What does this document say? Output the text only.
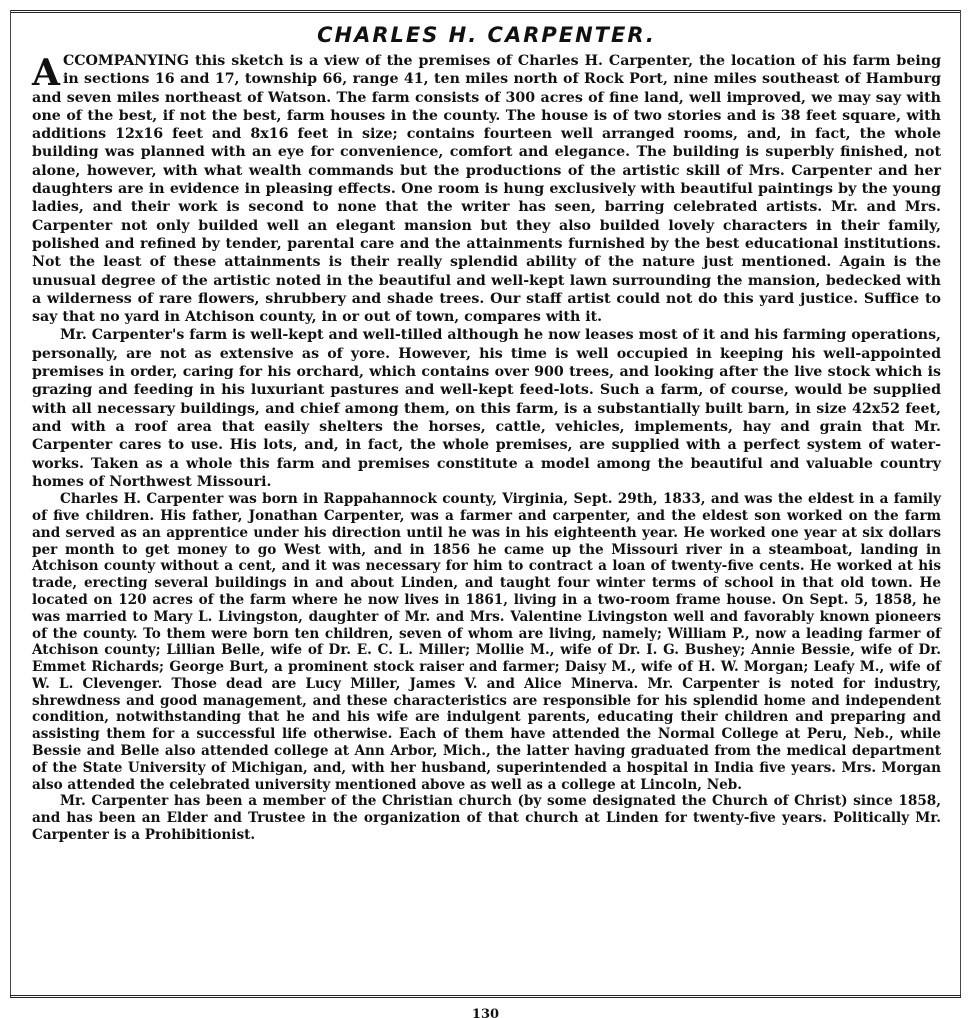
CHARLES H. CARPENTER.

ACCOMPANYING this sketch is a view of the premises of Charles H. Carpenter, the location of his farm being in sections 16 and 17, township 66, range 41, ten miles north of Rock Port, nine miles southeast of Hamburg and seven miles northeast of Watson. The farm consists of 300 acres of fine land, well improved, we may say with one of the best, if not the best, farm houses in the county. The house is of two stories and is 38 feet square, with additions 12x16 feet and 8x16 feet in size; contains fourteen well arranged rooms, and, in fact, the whole building was planned with an eye for convenience, comfort and elegance. The building is superbly finished, not alone, however, with what wealth commands but the productions of the artistic skill of Mrs. Carpenter and her daughters are in evidence in pleasing effects. One room is hung exclusively with beautiful paintings by the young ladies, and their work is second to none that the writer has seen, barring celebrated artists. Mr. and Mrs. Carpenter not only builded well an elegant mansion but they also builded lovely characters in their family, polished and refined by tender, parental care and the attainments furnished by the best educational institutions. Not the least of these attainments is their really splendid ability of the nature just mentioned. Again is the unusual degree of the artistic noted in the beautiful and well-kept lawn surrounding the mansion, bedecked with a wilderness of rare flowers, shrubbery and shade trees. Our staff artist could not do this yard justice. Suffice to say that no yard in Atchison county, in or out of town, compares with it.

Mr. Carpenter's farm is well-kept and well-tilled although he now leases most of it and his farming operations, personally, are not as extensive as of yore. However, his time is well occupied in keeping his well-appointed premises in order, caring for his orchard, which contains over 900 trees, and looking after the live stock which is grazing and feeding in his luxuriant pastures and well-kept feed-lots. Such a farm, of course, would be supplied with all necessary buildings, and chief among them, on this farm, is a substantially built barn, in size 42x52 feet, and with a roof area that easily shelters the horses, cattle, vehicles, implements, hay and grain that Mr. Carpenter cares to use. His lots, and, in fact, the whole premises, are supplied with a perfect system of water-works. Taken as a whole this farm and premises constitute a model among the beautiful and valuable country homes of Northwest Missouri.

Charles H. Carpenter was born in Rappahannock county, Virginia, Sept. 29th, 1833, and was the eldest in a family of five children. His father, Jonathan Carpenter, was a farmer and carpenter, and the eldest son worked on the farm and served as an apprentice under his direction until he was in his eighteenth year. He worked one year at six dollars per month to get money to go West with, and in 1856 he came up the Missouri river in a steamboat, landing in Atchison county without a cent, and it was necessary for him to contract a loan of twenty-five cents. He worked at his trade, erecting several buildings in and about Linden, and taught four winter terms of school in that old town. He located on 120 acres of the farm where he now lives in 1861, living in a two-room frame house. On Sept. 5, 1858, he was married to Mary L. Livingston, daughter of Mr. and Mrs. Valentine Livingston well and favorably known pioneers of the county. To them were born ten children, seven of whom are living, namely; William P., now a leading farmer of Atchison county; Lillian Belle, wife of Dr. E. C. L. Miller; Mollie M., wife of Dr. I. G. Bushey; Annie Bessie, wife of Dr. Emmet Richards; George Burt, a prominent stock raiser and farmer; Daisy M., wife of H. W. Morgan; Leafy M., wife of W. L. Clevenger. Those dead are Lucy Miller, James V. and Alice Minerva. Mr. Carpenter is noted for industry, shrewdness and good management, and these characteristics are responsible for his splendid home and independent condition, notwithstanding that he and his wife are indulgent parents, educating their children and preparing and assisting them for a successful life otherwise. Each of them have attended the Normal College at Peru, Neb., while Bessie and Belle also attended college at Ann Arbor, Mich., the latter having graduated from the medical department of the State University of Michigan, and, with her husband, superintended a hospital in India five years. Mrs. Morgan also attended the celebrated university mentioned above as well as a college at Lincoln, Neb.

Mr. Carpenter has been a member of the Christian church (by some designated the Church of Christ) since 1858, and has been an Elder and Trustee in the organization of that church at Linden for twenty-five years. Politically Mr. Carpenter is a Prohibitionist.

130
